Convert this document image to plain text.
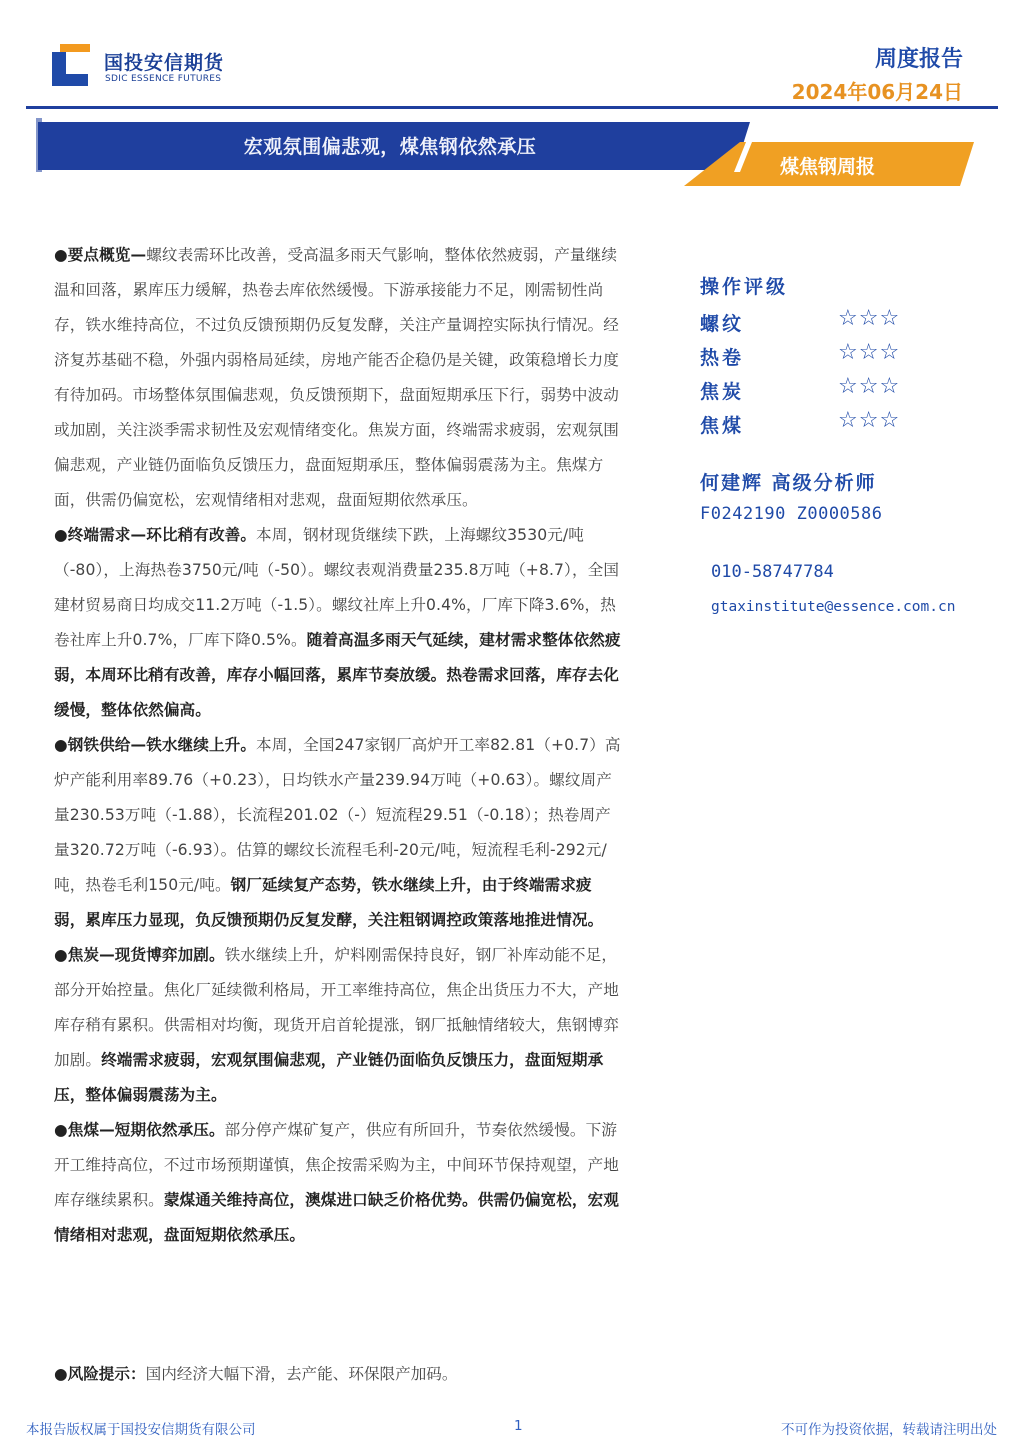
国投安信期货
SDIC ESSENCE FUTURES
周度报告
2024年06月24日
宏观氛围偏悲观，煤焦钢依然承压
煤焦钢周报

●要点概览—螺纹表需环比改善，受高温多雨天气影响，整体依然疲弱，产量继续温和回落，累库压力缓解，热卷去库依然缓慢。下游承接能力不足，刚需韧性尚存，铁水维持高位，不过负反馈预期仍反复发酵，关注产量调控实际执行情况。经济复苏基础不稳，外强内弱格局延续，房地产能否企稳仍是关键，政策稳增长力度有待加码。市场整体氛围偏悲观，负反馈预期下，盘面短期承压下行，弱势中波动或加剧，关注淡季需求韧性及宏观情绪变化。焦炭方面，终端需求疲弱，宏观氛围偏悲观，产业链仍面临负反馈压力，盘面短期承压，整体偏弱震荡为主。焦煤方面，供需仍偏宽松，宏观情绪相对悲观，盘面短期依然承压。

●终端需求—环比稍有改善。本周，钢材现货继续下跌，上海螺纹3530元/吨（-80），上海热卷3750元/吨（-50）。螺纹表观消费量235.8万吨（+8.7），全国建材贸易商日均成交11.2万吨（-1.5）。螺纹社库上升0.4%，厂库下降3.6%，热卷社库上升0.7%，厂库下降0.5%。随着高温多雨天气延续，建材需求整体依然疲弱，本周环比稍有改善，库存小幅回落，累库节奏放缓。热卷需求回落，库存去化缓慢，整体依然偏高。

●钢铁供给—铁水继续上升。本周，全国247家钢厂高炉开工率82.81（+0.7）高炉产能利用率89.76（+0.23），日均铁水产量239.94万吨（+0.63）。螺纹周产量230.53万吨（-1.88），长流程201.02（-）短流程29.51（-0.18）；热卷周产量320.72万吨（-6.93）。估算的螺纹长流程毛利-20元/吨，短流程毛利-292元/吨，热卷毛利150元/吨。钢厂延续复产态势，铁水继续上升，由于终端需求疲弱，累库压力显现，负反馈预期仍反复发酵，关注粗钢调控政策落地推进情况。

●焦炭—现货博弈加剧。铁水继续上升，炉料刚需保持良好，钢厂补库动能不足，部分开始控量。焦化厂延续微利格局，开工率维持高位，焦企出货压力不大，产地库存稍有累积。供需相对均衡，现货开启首轮提涨，钢厂抵触情绪较大，焦钢博弈加剧。终端需求疲弱，宏观氛围偏悲观，产业链仍面临负反馈压力，盘面短期承压，整体偏弱震荡为主。

●焦煤—短期依然承压。部分停产煤矿复产，供应有所回升，节奏依然缓慢。下游开工维持高位，不过市场预期谨慎，焦企按需采购为主，中间环节保持观望，产地库存继续累积。蒙煤通关维持高位，澳煤进口缺乏价格优势。供需仍偏宽松，宏观情绪相对悲观，盘面短期依然承压。

●风险提示：国内经济大幅下滑，去产能、环保限产加码。
操作评级
螺纹	☆☆☆
热卷	☆☆☆
焦炭	☆☆☆
焦煤	☆☆☆
何建辉 高级分析师
F0242190 Z0000586
010-58747784
gtaxinstitute@essence.com.cn
本报告版权属于国投安信期货有限公司	1	不可作为投资依据，转载请注明出处
